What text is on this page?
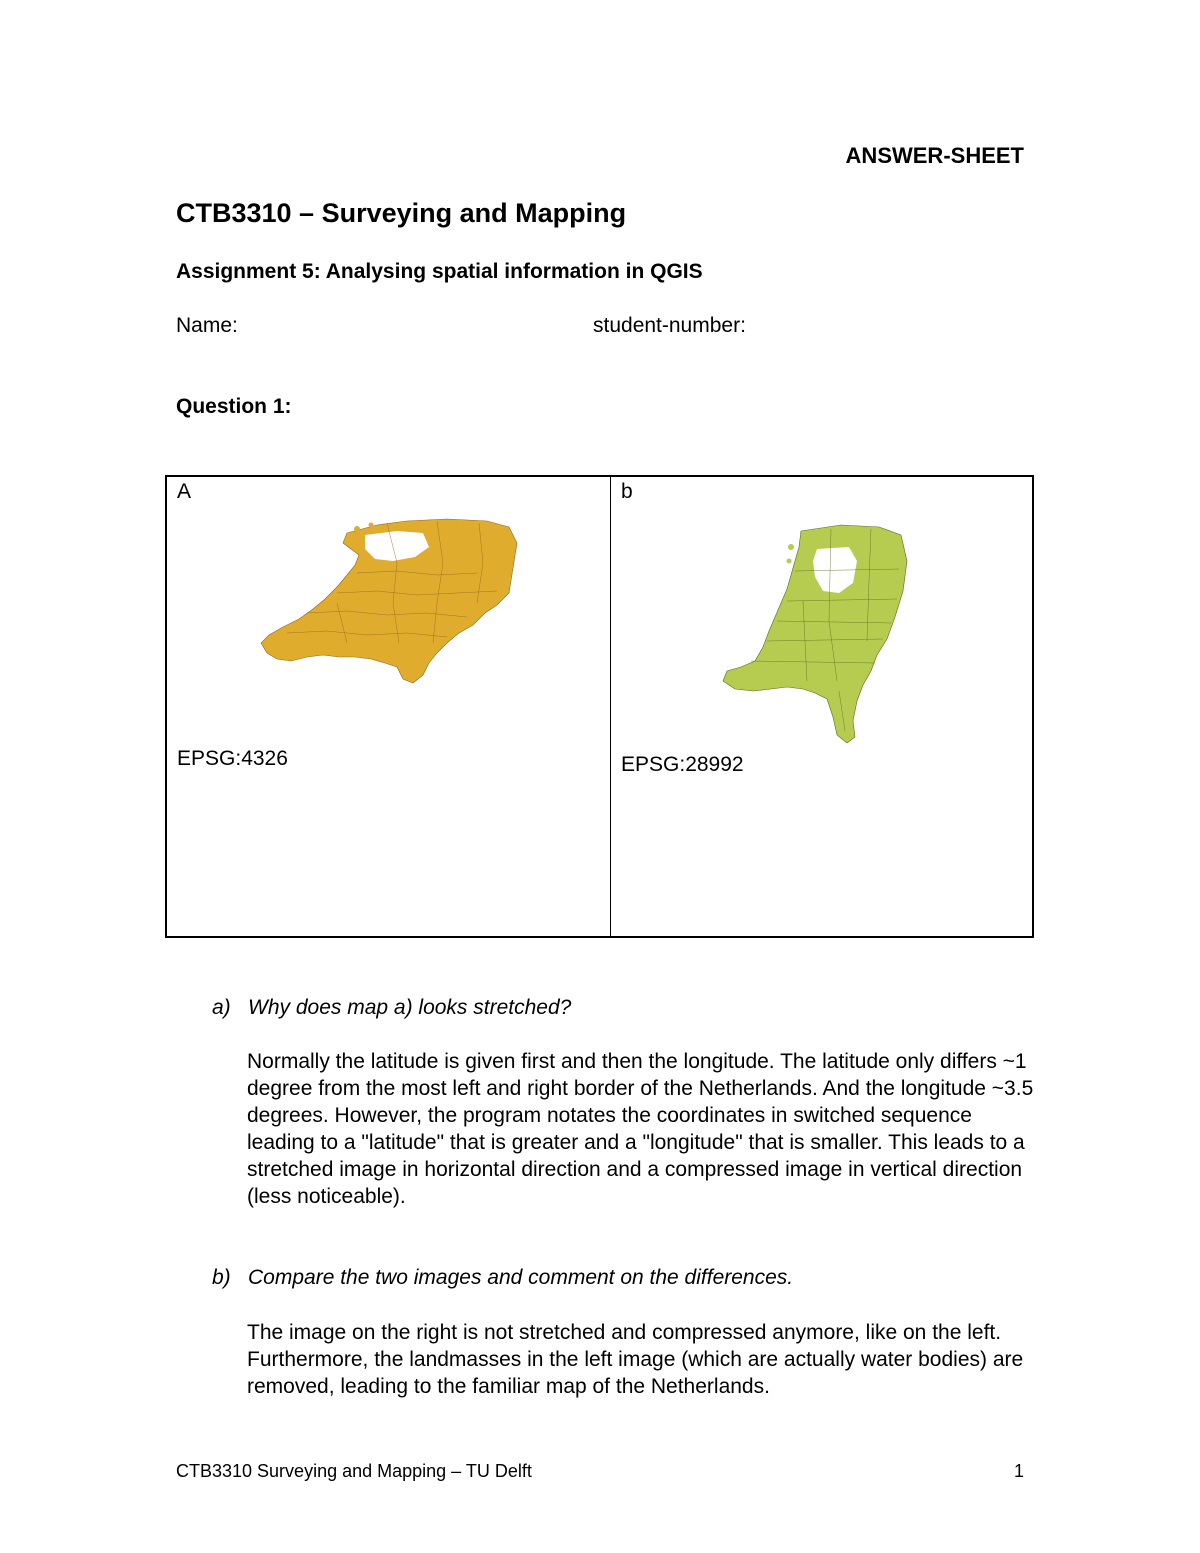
ANSWER-SHEET
CTB3310 – Surveying and Mapping
Assignment 5: Analysing spatial information in QGIS
Name:	student-number:
Question 1:
A
EPSG:4326
b
EPSG:28992
a) Why does map a) looks stretched?
Normally the latitude is given first and then the longitude. The latitude only differs ~1 degree from the most left and right border of the Netherlands. And the longitude ~3.5 degrees. However, the program notates the coordinates in switched sequence leading to a "latitude" that is greater and a "longitude" that is smaller. This leads to a stretched image in horizontal direction and a compressed image in vertical direction (less noticeable).
b) Compare the two images and comment on the differences.
The image on the right is not stretched and compressed anymore, like on the left. Furthermore, the landmasses in the left image (which are actually water bodies) are removed, leading to the familiar map of the Netherlands.
CTB3310 Surveying and Mapping – TU Delft	1
